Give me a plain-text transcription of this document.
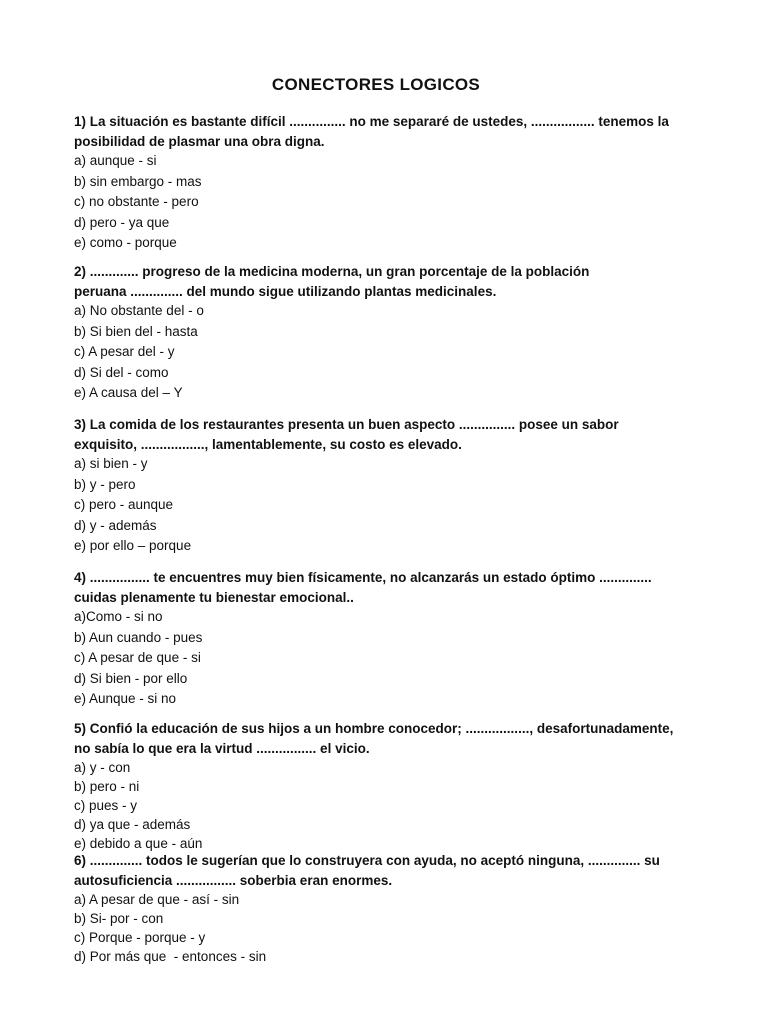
CONECTORES LOGICOS
1) La situación es bastante difícil ............... no me separaré de ustedes, ................. tenemos la
posibilidad de plasmar una obra digna.
a) aunque - si
b) sin embargo - mas
c) no obstante - pero
d) pero - ya que
e) como - porque
2) ............. progreso de la medicina moderna, un gran porcentaje de la población
peruana .............. del mundo sigue utilizando plantas medicinales.
a) No obstante del - o
b) Si bien del - hasta
c) A pesar del - y
d) Si del - como
e) A causa del – Y
3) La comida de los restaurantes presenta un buen aspecto ............... posee un sabor
exquisito, ................., lamentablemente, su costo es elevado.
a) si bien - y
b) y - pero
c) pero - aunque
d) y - además
e) por ello – porque
4) ................ te encuentres muy bien físicamente, no alcanzarás un estado óptimo ..............
cuidas plenamente tu bienestar emocional..
a)Como - si no
b) Aun cuando - pues
c) A pesar de que - si
d) Si bien - por ello
e) Aunque - si no
5) Confió la educación de sus hijos a un hombre conocedor; ................., desafortunadamente,
no sabía lo que era la virtud ................ el vicio.
a) y - con
b) pero - ni
c) pues - y
d) ya que - además
e) debido a que - aún
6) .............. todos le sugerían que lo construyera con ayuda, no aceptó ninguna, .............. su
autosuficiencia ................ soberbia eran enormes.
a) A pesar de que - así - sin
b) Si- por - con
c) Porque - porque - y
d) Por más que  - entonces - sin
